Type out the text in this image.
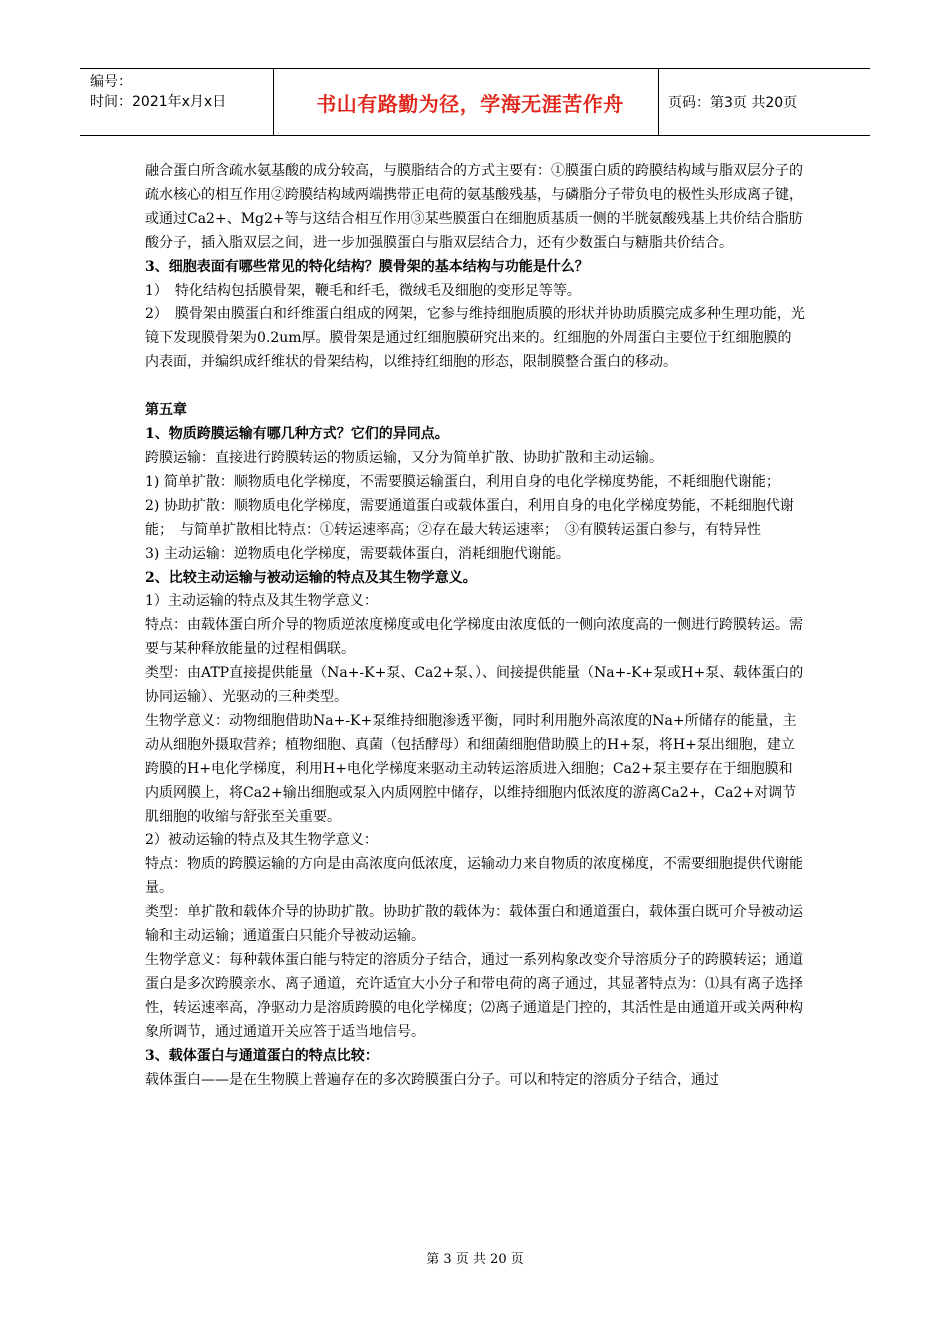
编号：
时间：2021年x月x日	书山有路勤为径，学海无涯苦作舟	页码：第3页 共20页

融合蛋白所含疏水氨基酸的成分较高，与膜脂结合的方式主要有：①膜蛋白质的跨膜结构域与脂双层分子的疏水核心的相互作用②跨膜结构域两端携带正电荷的氨基酸残基，与磷脂分子带负电的极性头形成离子键，或通过Ca2+、Mg2+等与这结合相互作用③某些膜蛋白在细胞质基质一侧的半胱氨酸残基上共价结合脂肪酸分子，插入脂双层之间，进一步加强膜蛋白与脂双层结合力，还有少数蛋白与糖脂共价结合。

3、细胞表面有哪些常见的特化结构？膜骨架的基本结构与功能是什么？

1）　特化结构包括膜骨架，鞭毛和纤毛，微绒毛及细胞的变形足等等。

2）　膜骨架由膜蛋白和纤维蛋白组成的网架，它参与维持细胞质膜的形状并协助质膜完成多种生理功能，光镜下发现膜骨架为0.2um厚。膜骨架是通过红细胞膜研究出来的。红细胞的外周蛋白主要位于红细胞膜的内表面，并编织成纤维状的骨架结构，以维持红细胞的形态，限制膜整合蛋白的移动。

第五章

1、物质跨膜运输有哪几种方式？它们的异同点。

跨膜运输：直接进行跨膜转运的物质运输，又分为简单扩散、协助扩散和主动运输。

1) 简单扩散：顺物质电化学梯度，不需要膜运输蛋白，利用自身的电化学梯度势能，不耗细胞代谢能；

2) 协助扩散：顺物质电化学梯度，需要通道蛋白或载体蛋白，利用自身的电化学梯度势能，不耗细胞代谢能；　与简单扩散相比特点：①转运速率高；②存在最大转运速率；　③有膜转运蛋白参与，有特异性

3) 主动运输：逆物质电化学梯度，需要载体蛋白，消耗细胞代谢能。

2、比较主动运输与被动运输的特点及其生物学意义。

1）主动运输的特点及其生物学意义：

特点：由载体蛋白所介导的物质逆浓度梯度或电化学梯度由浓度低的一侧向浓度高的一侧进行跨膜转运。需要与某种释放能量的过程相偶联。

类型：由ATP直接提供能量（Na+-K+泵、Ca2+泵、）、间接提供能量（Na+-K+泵或H+泵、载体蛋白的协同运输）、光驱动的三种类型。

生物学意义：动物细胞借助Na+-K+泵维持细胞渗透平衡，同时利用胞外高浓度的Na+所储存的能量，主动从细胞外摄取营养；植物细胞、真菌（包括酵母）和细菌细胞借助膜上的H+泵，将H+泵出细胞，建立跨膜的H+电化学梯度，利用H+电化学梯度来驱动主动转运溶质进入细胞；Ca2+泵主要存在于细胞膜和内质网膜上，将Ca2+输出细胞或泵入内质网腔中储存，以维持细胞内低浓度的游离Ca2+，Ca2+对调节肌细胞的收缩与舒张至关重要。

2）被动运输的特点及其生物学意义：

特点：物质的跨膜运输的方向是由高浓度向低浓度，运输动力来自物质的浓度梯度，不需要细胞提供代谢能量。

类型：单扩散和载体介导的协助扩散。协助扩散的载体为：载体蛋白和通道蛋白，载体蛋白既可介导被动运输和主动运输；通道蛋白只能介导被动运输。

生物学意义：每种载体蛋白能与特定的溶质分子结合，通过一系列构象改变介导溶质分子的跨膜转运；通道蛋白是多次跨膜亲水、离子通道，充许适宜大小分子和带电荷的离子通过，其显著特点为：⑴具有离子选择性，转运速率高，净驱动力是溶质跨膜的电化学梯度；⑵离子通道是门控的，其活性是由通道开或关两种构象所调节，通过通道开关应答于适当地信号。

3、载体蛋白与通道蛋白的特点比较：

载体蛋白——是在生物膜上普遍存在的多次跨膜蛋白分子。可以和特定的溶质分子结合，通过

第 3 页 共 20 页
